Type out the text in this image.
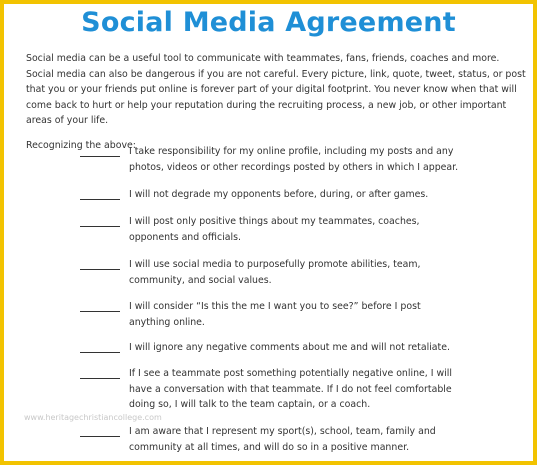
Social Media Agreement

Social media can be a useful tool to communicate with teammates, fans, friends, coaches and more. Social media can also be dangerous if you are not careful. Every picture, link, quote, tweet, status, or post that you or your friends put online is forever part of your digital footprint. You never know when that will come back to hurt or help your reputation during the recruiting process, a new job, or other important areas of your life.

Recognizing the above:

I take responsibility for my online profile, including my posts and any photos, videos or other recordings posted by others in which I appear.
I will not degrade my opponents before, during, or after games.
I will post only positive things about my teammates, coaches, opponents and officials.
I will use social media to purposefully promote abilities, team, community, and social values.
I will consider “Is this the me I want you to see?” before I post anything online.
I will ignore any negative comments about me and will not retaliate.
If I see a teammate post something potentially negative online, I will have a conversation with that teammate. If I do not feel comfortable doing so, I will talk to the team captain, or a coach.
I am aware that I represent my sport(s), school, team, family and community at all times, and will do so in a positive manner.
www.heritagechristiancollege.com
